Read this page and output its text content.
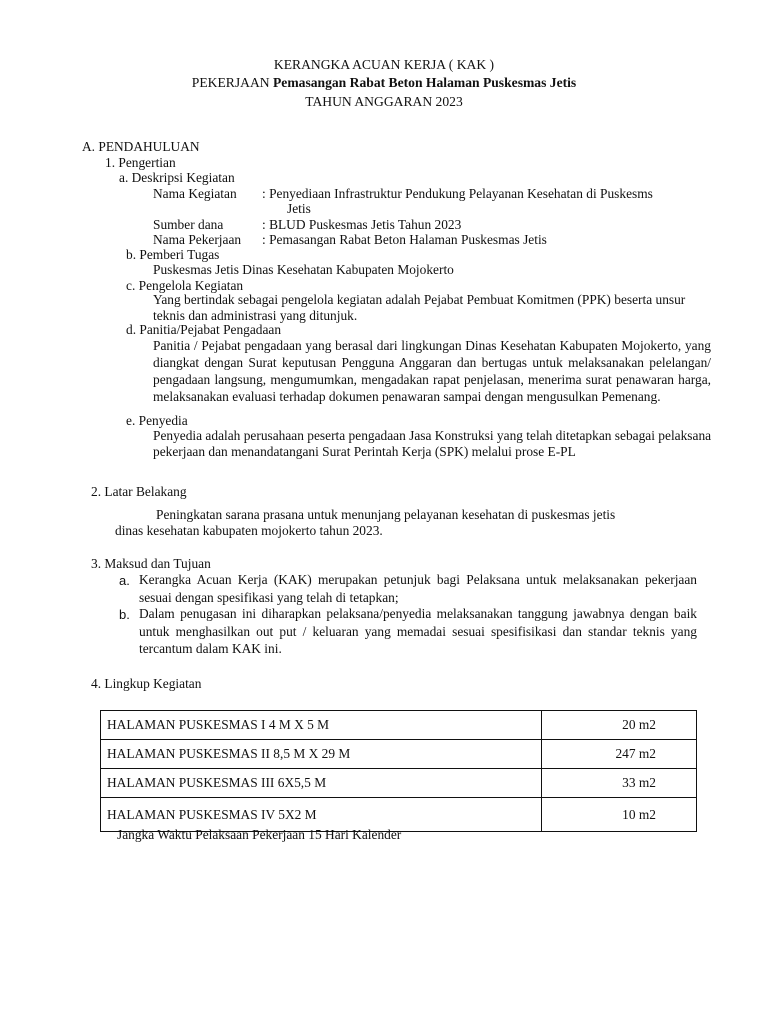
KERANGKA ACUAN KERJA ( KAK )
PEKERJAAN Pemasangan Rabat Beton Halaman Puskesmas Jetis
TAHUN ANGGARAN 2023
A. PENDAHULUAN
1. Pengertian
a. Deskripsi Kegiatan
Nama Kegiatan : Penyediaan Infrastruktur Pendukung Pelayanan Kesehatan di Puskesms
Jetis
Sumber dana	: BLUD Puskesmas Jetis Tahun 2023
Nama Pekerjaan : Pemasangan Rabat Beton Halaman Puskesmas Jetis
b. Pemberi Tugas
Puskesmas Jetis Dinas Kesehatan Kabupaten Mojokerto
c. Pengelola Kegiatan
Yang bertindak sebagai pengelola kegiatan adalah Pejabat Pembuat Komitmen (PPK) beserta unsur teknis dan administrasi yang ditunjuk.
d. Panitia/Pejabat Pengadaan
Panitia / Pejabat pengadaan yang berasal dari lingkungan Dinas Kesehatan Kabupaten Mojokerto, yang diangkat dengan Surat keputusan Pengguna Anggaran dan bertugas untuk melaksanakan pelelangan/ pengadaan langsung, mengumumkan, mengadakan rapat penjelasan, menerima surat penawaran harga, melaksanakan evaluasi terhadap dokumen penawaran sampai dengan mengusulkan Pemenang.
e. Penyedia
Penyedia adalah perusahaan peserta pengadaan Jasa Konstruksi yang telah ditetapkan sebagai pelaksana pekerjaan dan menandatangani Surat Perintah Kerja (SPK) melalui prose E-PL
2. Latar Belakang
Peningkatan sarana prasana untuk menunjang pelayanan kesehatan di puskesmas jetis
dinas kesehatan kabupaten mojokerto tahun 2023.
3. Maksud dan Tujuan
a. Kerangka Acuan Kerja (KAK) merupakan petunjuk bagi Pelaksana untuk melaksanakan pekerjaan sesuai dengan spesifikasi yang telah di tetapkan;
b. Dalam penugasan ini diharapkan pelaksana/penyedia melaksanakan tanggung jawabnya dengan baik untuk menghasilkan out put / keluaran yang memadai sesuai spesifisikasi dan standar teknis yang tercantum dalam KAK ini.
4. Lingkup Kegiatan
HALAMAN PUSKESMAS I 4 M X 5 M	20 m2
HALAMAN PUSKESMAS II 8,5 M X 29 M	247 m2
HALAMAN PUSKESMAS III 6X5,5 M	33 m2
HALAMAN PUSKESMAS IV 5X2 M	10 m2
Jangka Waktu Pelaksaan Pekerjaan 15 Hari Kalender
